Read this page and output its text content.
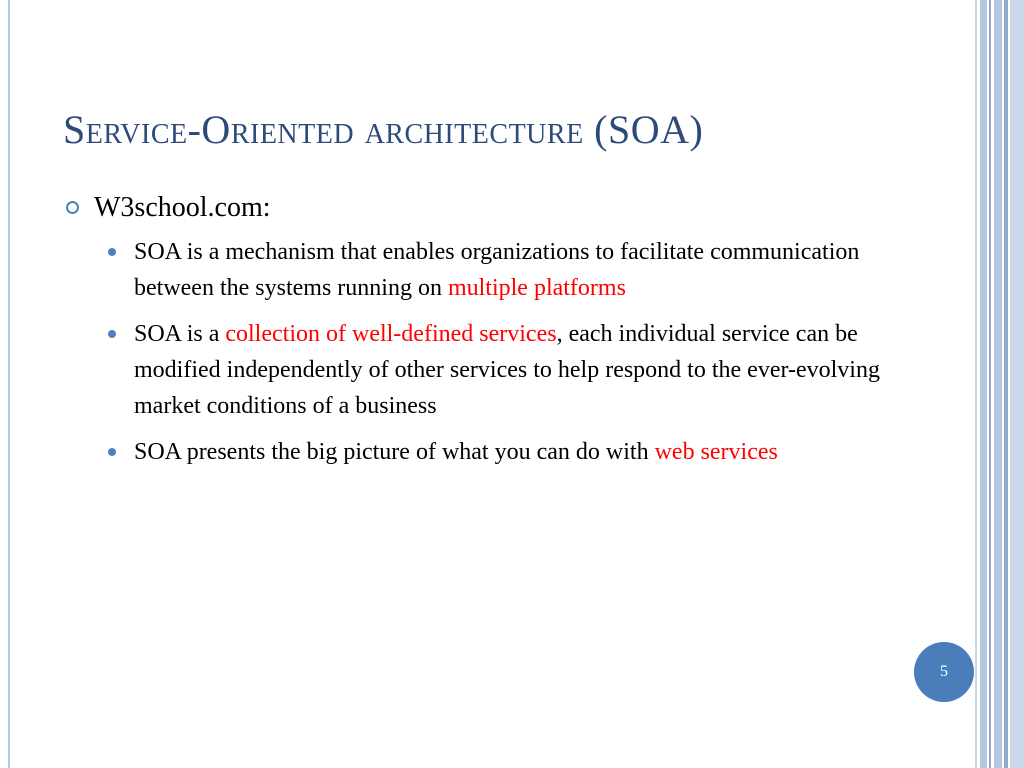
Service-Oriented architecture (SOA)
W3school.com:
SOA is a mechanism that enables organizations to facilitate communication between the systems running on multiple platforms
SOA is a collection of well-defined services, each individual service can be modified independently of other services to help respond to the ever-evolving market conditions of a business
SOA presents the big picture of what you can do with web services
5
